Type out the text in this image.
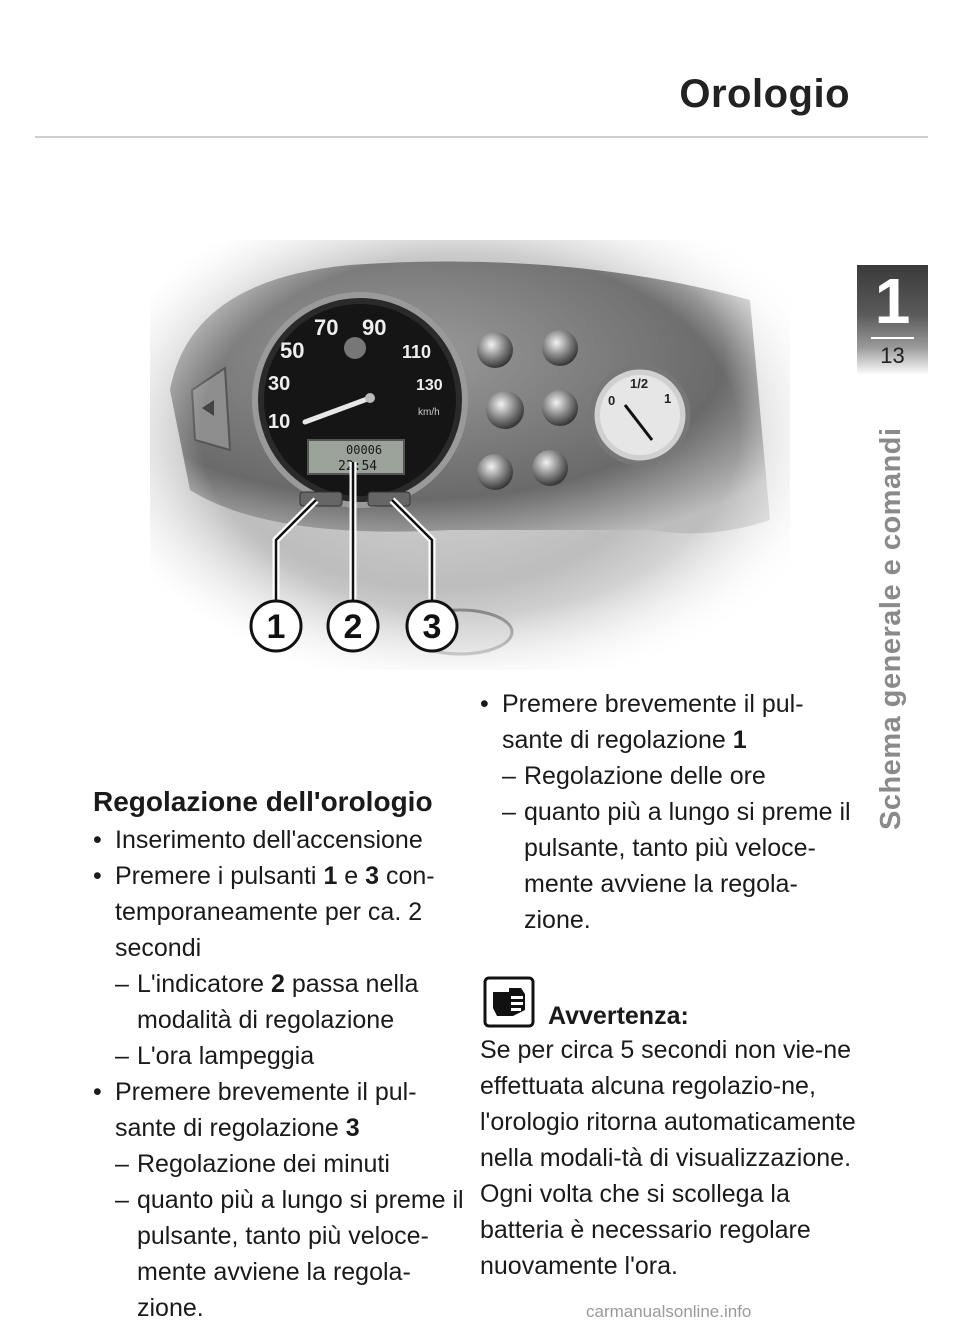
Orologio
1
13
Schema generale e comandi
1 2 3
Regolazione dell'orologio
• Inserimento dell'accensione
• Premere i pulsanti 1 e 3 con-temporaneamente per ca. 2 secondi
– L'indicatore 2 passa nella modalità di regolazione
– L'ora lampeggia
• Premere brevemente il pul-sante di regolazione 3
– Regolazione dei minuti
– quanto più a lungo si preme il pulsante, tanto più veloce-mente avviene la regola-zione.
• Premere brevemente il pul-sante di regolazione 1
– Regolazione delle ore
– quanto più a lungo si preme il pulsante, tanto più veloce-mente avviene la regola-zione.
Avvertenza:
Se per circa 5 secondi non vie-ne effettuata alcuna regolazio-ne, l'orologio ritorna automaticamente nella modali-tà di visualizzazione.
Ogni volta che si scollega la batteria è necessario regolare nuovamente l'ora.
carmanualsonline.info
